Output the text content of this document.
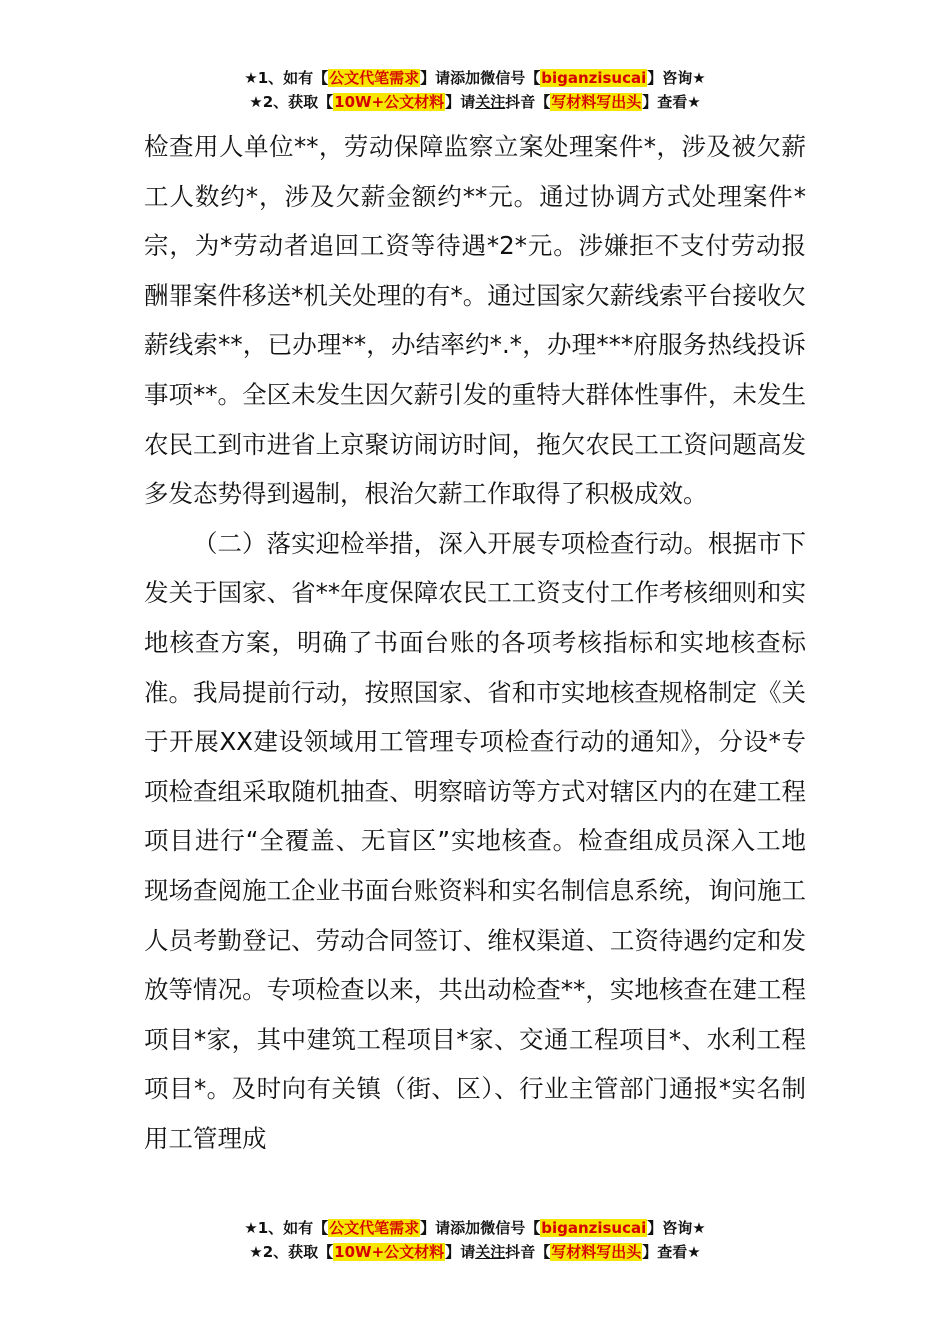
★1、如有【公文代笔需求】请添加微信号【biganzisucai】咨询★
★2、获取【10W+公文材料】请关注抖音【写材料写出头】查看★

检查用人单位**，劳动保障监察立案处理案件*，涉及被欠薪工人数约*，涉及欠薪金额约**元。通过协调方式处理案件*宗，为*劳动者追回工资等待遇*2*元。涉嫌拒不支付劳动报酬罪案件移送*机关处理的有*。通过国家欠薪线索平台接收欠薪线索**，已办理**，办结率约*.*，办理***府服务热线投诉事项**。全区未发生因欠薪引发的重特大群体性事件，未发生农民工到市进省上京聚访闹访时间，拖欠农民工工资问题高发多发态势得到遏制，根治欠薪工作取得了积极成效。

（二）落实迎检举措，深入开展专项检查行动。根据市下发关于国家、省**年度保障农民工工资支付工作考核细则和实地核查方案，明确了书面台账的各项考核指标和实地核查标准。我局提前行动，按照国家、省和市实地核查规格制定《关于开展XX建设领域用工管理专项检查行动的通知》，分设*专项检查组采取随机抽查、明察暗访等方式对辖区内的在建工程项目进行“全覆盖、无盲区”实地核查。检查组成员深入工地现场查阅施工企业书面台账资料和实名制信息系统，询问施工人员考勤登记、劳动合同签订、维权渠道、工资待遇约定和发放等情况。专项检查以来，共出动检查**，实地核查在建工程项目*家，其中建筑工程项目*家、交通工程项目*、水利工程项目*。及时向有关镇（街、区）、行业主管部门通报*实名制用工管理成

★1、如有【公文代笔需求】请添加微信号【biganzisucai】咨询★
★2、获取【10W+公文材料】请关注抖音【写材料写出头】查看★
